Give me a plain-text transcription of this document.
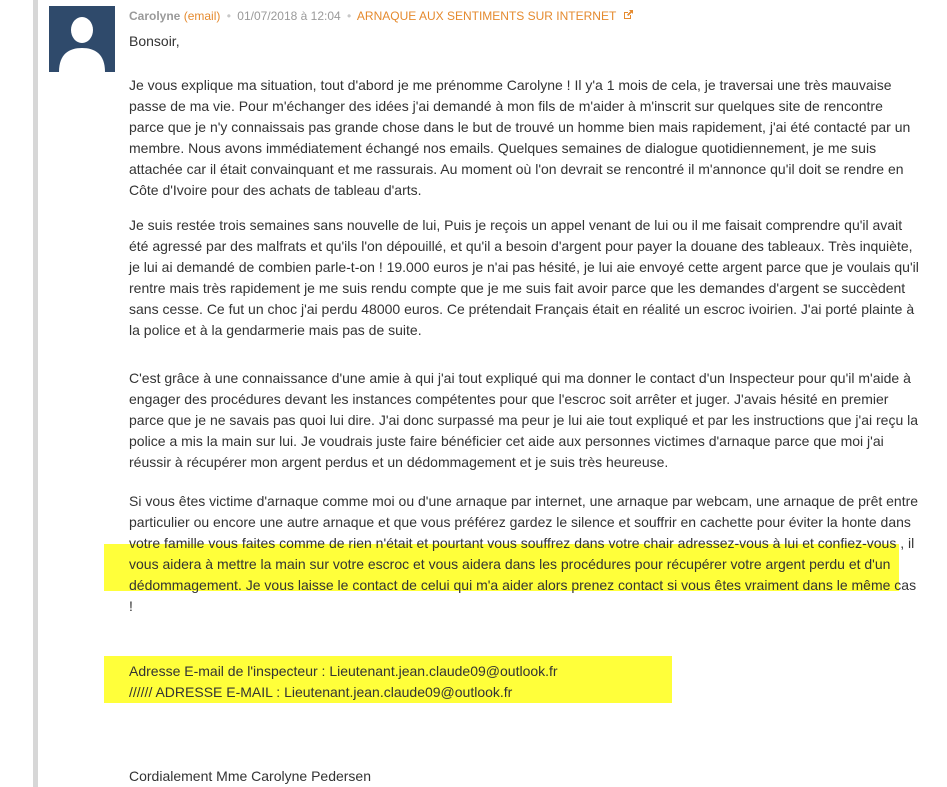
Carolyne (email) • 01/07/2018 à 12:04 • ARNAQUE AUX SENTIMENTS SUR INTERNET

Bonsoir,

Je vous explique ma situation, tout d'abord je me prénomme Carolyne ! Il y'a 1 mois de cela, je traversai une très mauvaise passe de ma vie. Pour m'échanger des idées j'ai demandé à mon fils de m'aider à m'inscrit sur quelques site de rencontre parce que je n'y connaissais pas grande chose dans le but de trouvé un homme bien mais rapidement, j'ai été contacté par un membre. Nous avons immédiatement échangé nos emails. Quelques semaines de dialogue quotidiennement, je me suis attachée car il était convainquant et me rassurais. Au moment où l'on devrait se rencontré il m'annonce qu'il doit se rendre en Côte d'Ivoire pour des achats de tableau d'arts.

Je suis restée trois semaines sans nouvelle de lui, Puis je reçois un appel venant de lui ou il me faisait comprendre qu'il avait été agressé par des malfrats et qu'ils l'on dépouillé, et qu'il a besoin d'argent pour payer la douane des tableaux. Très inquiète, je lui ai demandé de combien parle-t-on ! 19.000 euros je n'ai pas hésité, je lui aie envoyé cette argent parce que je voulais qu'il rentre mais très rapidement je me suis rendu compte que je me suis fait avoir parce que les demandes d'argent se succèdent sans cesse. Ce fut un choc j'ai perdu 48000 euros. Ce prétendait Français était en réalité un escroc ivoirien. J'ai porté plainte à la police et à la gendarmerie mais pas de suite.

C'est grâce à une connaissance d'une amie à qui j'ai tout expliqué qui ma donner le contact d'un Inspecteur pour qu'il m'aide à engager des procédures devant les instances compétentes pour que l'escroc soit arrêter et juger. J'avais hésité en premier parce que je ne savais pas quoi lui dire. J'ai donc surpassé ma peur je lui aie tout expliqué et par les instructions que j'ai reçu la police a mis la main sur lui. Je voudrais juste faire bénéficier cet aide aux personnes victimes d'arnaque parce que moi j'ai réussir à récupérer mon argent perdus et un dédommagement et je suis très heureuse.

Si vous êtes victime d'arnaque comme moi ou d'une arnaque par internet, une arnaque par webcam, une arnaque de prêt entre particulier ou encore une autre arnaque et que vous préférez gardez le silence et souffrir en cachette pour éviter la honte dans votre famille vous faites comme de rien n'était et pourtant vous souffrez dans votre chair adressez-vous à lui et confiez-vous , il vous aidera à mettre la main sur votre escroc et vous aidera dans les procédures pour récupérer votre argent perdu et d'un dédommagement. Je vous laisse le contact de celui qui m'a aider alors prenez contact si vous êtes vraiment dans le même cas !

Adresse E-mail de l'inspecteur : Lieutenant.jean.claude09@outlook.fr
////// ADRESSE E-MAIL : Lieutenant.jean.claude09@outlook.fr

Cordialement Mme Carolyne Pedersen
